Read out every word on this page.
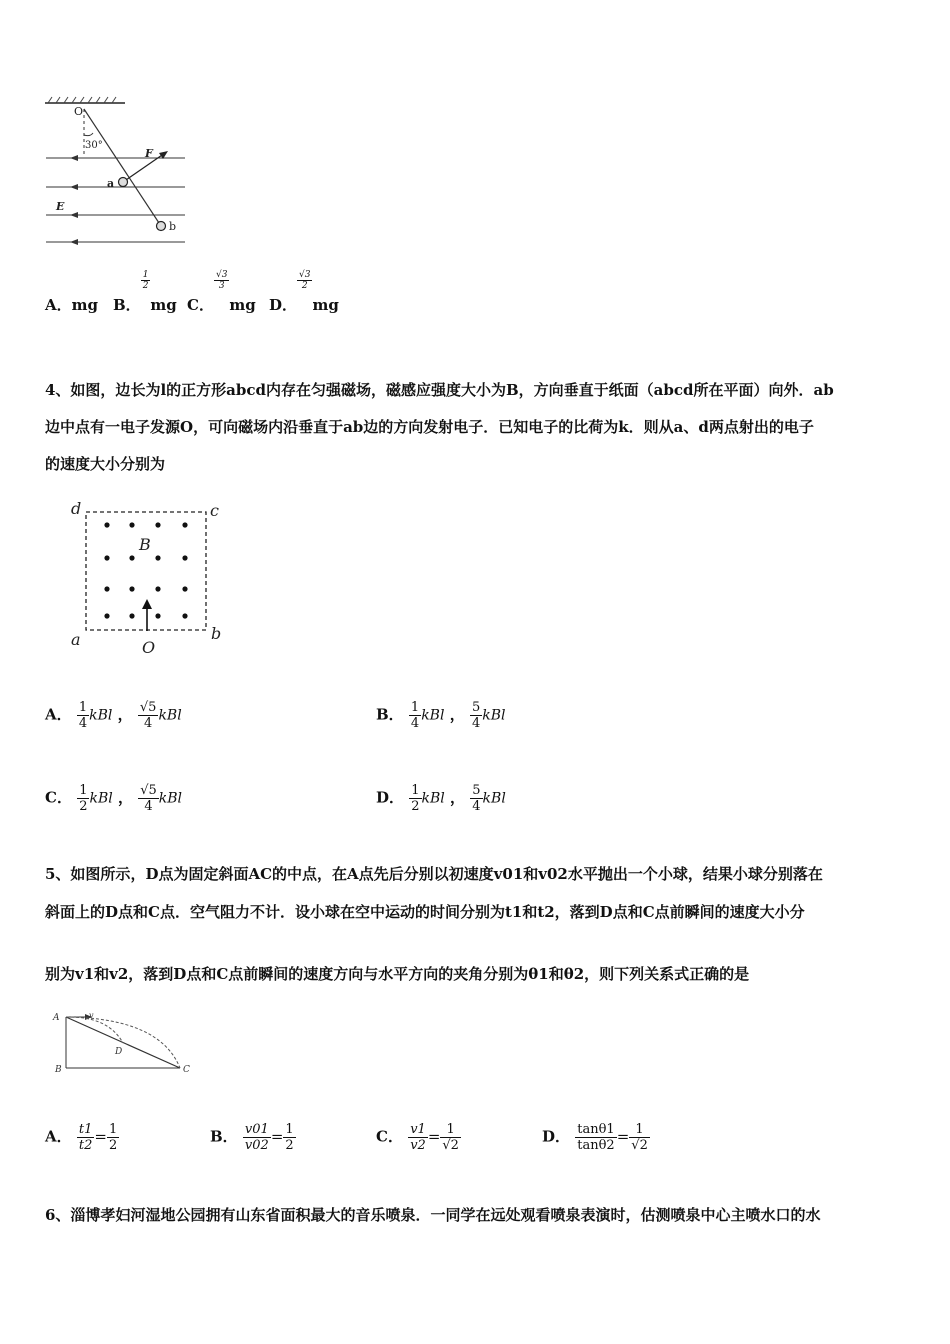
O
30°
F
a
E
b
A．mg B．
$\frac{1}{2}$
mg C．
$\frac{√3}{3}$
mg D．
$\frac{√3}{2}$
mg
4、如图，边长为l的正方形abcd内存在匀强磁场，磁感应强度大小为B，方向垂直于纸面（abcd所在平面）向外．ab
边中点有一电子发源O，可向磁场内沿垂直于ab边的方向发射电子．已知电子的比荷为k．则从a、d两点射出的电子
的速度大小分别为
d	c
B
a	b
O
A． $\frac{1}{4}$ kBl ， $\frac{√5}{4}$ kBl	B． $\frac{1}{4}$ kBl ， $\frac{5}{4}$ kBl
C． $\frac{1}{2}$ kBl ， $\frac{√5}{4}$ kBl	D． $\frac{1}{2}$ kBl ， $\frac{5}{4}$ kBl
5、如图所示，D点为固定斜面AC的中点，在A点先后分别以初速度v01和v02水平抛出一个小球，结果小球分别落在
斜面上的D点和C点．空气阻力不计．设小球在空中运动的时间分别为t1和t2，落到D点和C点前瞬间的速度大小分
别为v1和v2，落到D点和C点前瞬间的速度方向与水平方向的夹角分别为θ1和θ2，则下列关系式正确的是
A	v
D
B	C
A． $\frac{t1}{t2} = \frac{1}{2}$	B． $\frac{v01}{v02} = \frac{1}{2}$	C． $\frac{v1}{v2} = \frac{1}{√2}$	D． $\frac{\tan\theta 1}{\tan\theta 2} = \frac{1}{√2}$
6、淄博孝妇河湿地公园拥有山东省面积最大的音乐喷泉．一同学在远处观看喷泉表演时，估测喷泉中心主喷水口的水
